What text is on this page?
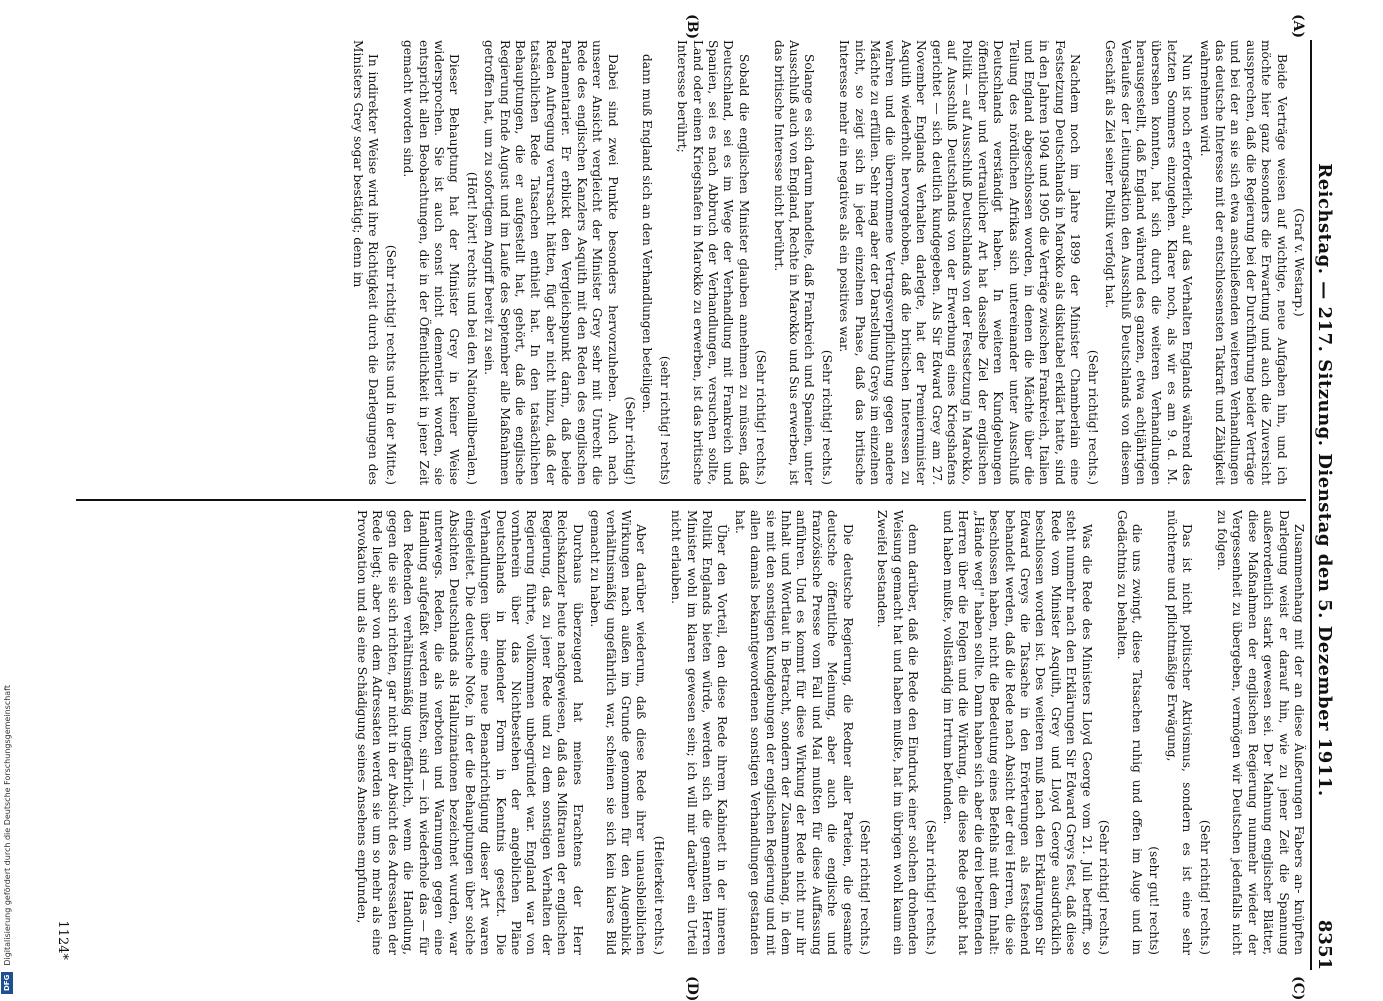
Reichstag. — 217. Sitzung. Dienstag den 5. Dezember 1911.
8351
(A)
(B)
(C)
(D)

(Graf v. Westarp.)

Beide Verträge weisen auf wichtige, neue Aufgaben hin, und ich möchte hier ganz besonders die Erwartung und auch die Zuversicht aussprechen, daß die Regierung bei der Durchführung beider Verträge und bei der an sie sich etwa anschließenden weiteren Verhandlungen das deutsche Interesse mit der entschlossensten Tatkraft und Zähigkeit wahrnehmen wird.

Nun ist noch erforderlich, auf das Verhalten Englands während des letzten Sommers einzugehen. Klarer noch, als wir es am 9. d. M. übersehen konnten, hat sich durch die weiteren Verhandlungen herausgestellt, daß England während des ganzen, etwa achtjährigen Verlaufes der Leitungsaktion den Ausschluß Deutschlands von diesem Geschäft als Ziel seiner Politik verfolgt hat.

(Sehr richtig! rechts.)

Nachdem noch im Jahre 1899 der Minister Chamberlain eine Festsetzung Deutschlands in Marokko als diskutabel erklärt hatte, sind in den Jahren 1904 und 1905 die Verträge zwischen Frankreich, Italien und England abgeschlossen worden, in denen die Mächte über die Teilung des nördlichen Afrikas sich untereinander unter Ausschluß Deutschlands verständigt haben. In weiteren Kundgebungen öffentlicher und vertraulicher Art hat dasselbe Ziel der englischen Politik — auf Ausschluß Deutschlands von der Festsetzung in Marokko, auf Ausschluß Deutschlands von der Erwerbung eines Kriegshafens gerichtet — sich deutlich kundgegeben. Als Sir Edward Grey am 27. November Englands Verhalten darlegte, hat der Premierminister Asquith wiederholt hervorgehoben, daß die britischen Interessen zu wahren und die übernommene Vertragsverpflichtung gegen andere Mächte zu erfüllen. Sehr mag aber der Darstellung Greys im einzelnen nicht, so zeigt sich in jeder einzelnen Phase, daß das britische Interesse mehr ein negatives als ein positives war.

(Sehr richtig! rechts.)

Solange es sich darum handelte, daß Frankreich und Spanien, unter Ausschluß auch von England, Rechte in Marokko und Sus erwerben, ist das britische Interesse nicht berührt.

(Sehr richtig! rechts.)

Sobald die englischen Minister glauben annehmen zu müssen, daß Deutschland, sei es im Wege der Verhandlung mit Frankreich und Spanien, sei es nach Abbruch der Verhandlungen, versuchen sollte, Land oder einen Kriegshafen in Marokko zu erwerben, ist das britische Interesse berührt;

(sehr richtig! rechts)

dann muß England sich an den Verhandlungen beteiligen.

(Sehr richtig!)

Dabei sind zwei Punkte besonders hervorzuheben. Auch nach unserer Ansicht vergleicht der Minister Grey sehr mit Unrecht die Rede des englischen Kanzlers Asquith mit den Reden des englischen Parlamentarier. Er erblickt den Vergleichspunkt darin, daß beide Reden Aufregung verursacht hätten, fügt aber nicht hinzu, daß der tatsächlichen Rede Tatsachen enthielt hat. In den tatsächlichen Behauptungen, die er aufgestellt hat, gehört, daß die englische Regierung Ende August und im Laufe des September alle Maßnahmen getroffen hat, um zu sofortigem Angriff bereit zu sein.

(Hört! hört! rechts und bei den Nationalliberalen.)

Dieser Behauptung hat der Minister Grey in keiner Weise widersprochen. Sie ist auch sonst nicht dementiert worden, sie entspricht allen Beobachtungen, die in der Öffentlichkeit in jener Zeit gemacht worden sind.

(Sehr richtig! rechts und in der Mitte.)

In indirekter Weise wird ihre Richtigkeit durch die Darlegungen des Ministers Grey sogar bestätigt; denn im

Zusammenhang mit der an diese Äußerungen Fabers an- knüpften Darlegung weist er darauf hin, wie zu jener Zeit die Spannung außerordentlich stark gewesen sei. Der Mahnung englischer Blätter, diese Maßnahmen der englischen Regierung nunmehr wieder der Vergessenheit zu übergeben, vermögen wir Deutschen jedenfalls nicht zu folgen.

(Sehr richtig! rechts.)

Das ist nicht politischer Aktivismus, sondern es ist eine sehr nüchterne und pflichtmäßige Erwägung,

(sehr gut! rechts)

die uns zwingt, diese Tatsachen ruhig und offen im Auge und im Gedächtnis zu behalten.

(Sehr richtig! rechts.)

Was die Rede des Ministers Lloyd George vom 21. Juli betrifft, so steht nunmehr nach den Erklärungen Sir Edward Greys fest, daß diese Rede vom Minister Asquith, Grey und Lloyd George ausdrücklich beschlossen worden ist. Des weiteren muß nach den Erklärungen Sir Edward Greys die Tatsache in den Erörterungen als feststehend behandelt werden, daß die Rede nach Absicht der drei Herren, die sie beschlossen haben, nicht die Bedeutung eines Befehls mit dem Inhalt: „Hände weg!" haben sollte. Dann haben sich aber die drei betreffenden Herren über die Folgen und die Wirkung, die diese Rede gehabt hat und haben mußte, vollständig im Irrtum befunden.

(Sehr richtig! rechts.)

denn darüber, daß die Rede den Eindruck einer solchen drohenden Weisung gemacht hat und haben mußte, hat im übrigen wohl kaum ein Zweifel bestanden.

(Sehr richtig! rechts.)

Die deutsche Regierung, die Redner aller Parteien, die gesamte deutsche öffentliche Meinung, aber auch die englische und französische Presse vom Fall und Mai mußten für diese Auffassung anführen. Und es kommt für diese Wirkung der Rede nicht nur ihr Inhalt und Wortlaut in Betracht, sondern der Zusammenhang, in dem sie mit den sonstigen Kundgebungen der englischen Regierung und mit allen damals bekanntgewordenen sonstigen Verhandlungen gestanden hat.

Über den Vorteil, den diese Rede ihrem Kabinett in der inneren Politik Englands bieten würde, werden sich die genannten Herren Minister wohl im klaren gewesen sein; ich will mir darüber ein Urteil nicht erlauben.

(Heiterkeit rechts.)

Aber darüber wiederum, daß diese Rede ihrer unausbleiblichen Wirkungen nach außen im Grunde genommen für den Augenblick verhältnismäßig ungefährlich war, scheinen sie sich kein klares Bild gemacht zu haben.

Durchaus überzeugend hat meines Erachtens der Herr Reichskanzler heute nachgewiesen, daß das Mißtrauen der englischen Regierung, das zu jener Rede und zu dem sonstigen Verhalten der Regierung führte, vollkommen unbegründet war. England war von vornherein über das Nichtbestehen der angeblichen Pläne Deutschlands in bindender Form in Kenntnis gesetzt. Die Verhandlungen über eine neue Benachrichtigung dieser Art waren eingeleitet. Die deutsche Note, in der die Behauptungen über solche Absichten Deutschlands als Halluzinationen bezeichnet wurden, war unterwegs. Reden, die als verboten und Warnungen gegen eine Handlung aufgefaßt werden mußten, sind — ich wiederhole das — für den Redenden verhältnismäßig ungefährlich, wenn die Handlung, gegen die sie sich richten, gar nicht in der Absicht des Adressaten der Rede liegt; aber von dem Adressaten werden sie um so mehr als eine Provokation und als eine Schädigung seines Ansehens empfunden,

1124*
Digitalisierung gefördert durch die Deutsche Forschungsgemeinschaft
DFG
